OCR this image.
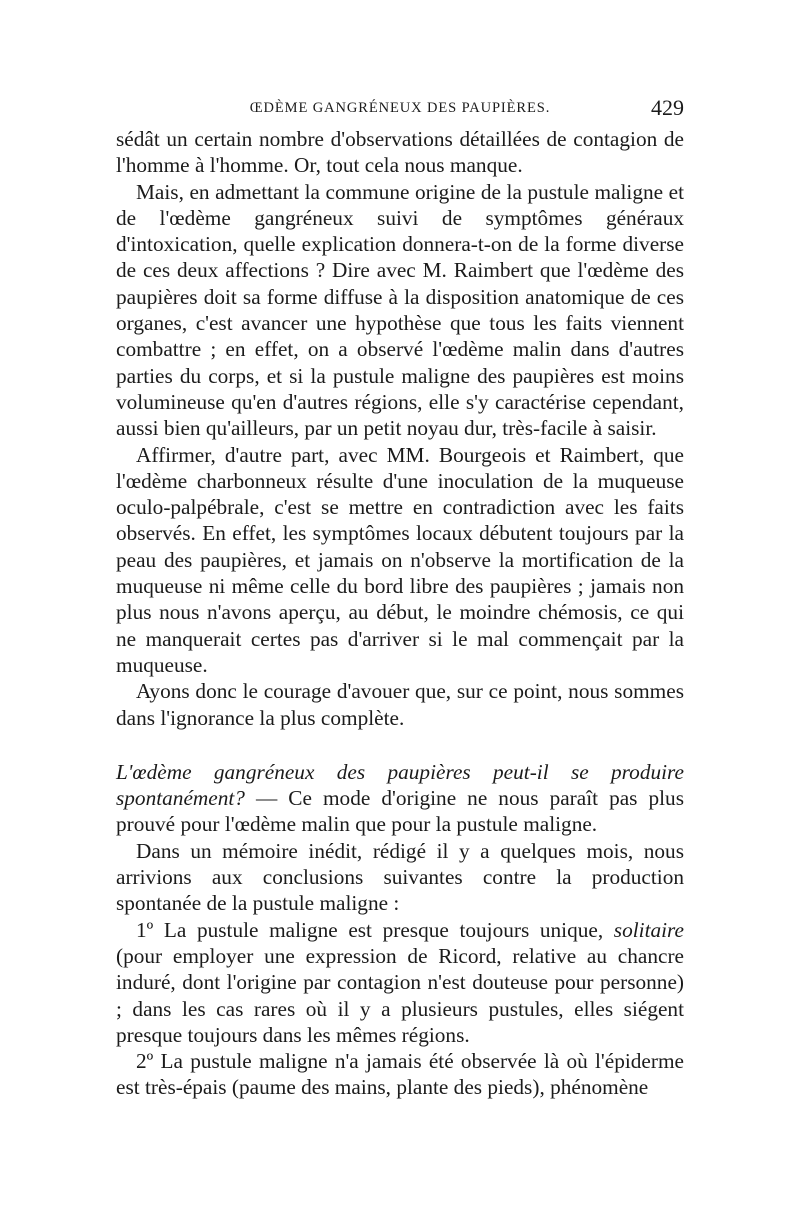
ŒDÈME GANGRÉNEUX DES PAUPIÈRES.	429

sédât un certain nombre d'observations détaillées de contagion de l'homme à l'homme. Or, tout cela nous manque.

Mais, en admettant la commune origine de la pustule maligne et de l'œdème gangréneux suivi de symptômes généraux d'intoxication, quelle explication donnera-t-on de la forme diverse de ces deux affections ? Dire avec M. Raimbert que l'œdème des paupières doit sa forme diffuse à la disposition anatomique de ces organes, c'est avancer une hypothèse que tous les faits viennent combattre ; en effet, on a observé l'œdème malin dans d'autres parties du corps, et si la pustule maligne des paupières est moins volumineuse qu'en d'autres régions, elle s'y caractérise cependant, aussi bien qu'ailleurs, par un petit noyau dur, très-facile à saisir.

Affirmer, d'autre part, avec MM. Bourgeois et Raimbert, que l'œdème charbonneux résulte d'une inoculation de la muqueuse oculo-palpébrale, c'est se mettre en contradiction avec les faits observés. En effet, les symptômes locaux débutent toujours par la peau des paupières, et jamais on n'observe la mortification de la muqueuse ni même celle du bord libre des paupières ; jamais non plus nous n'avons aperçu, au début, le moindre chémosis, ce qui ne manquerait certes pas d'arriver si le mal commençait par la muqueuse.

Ayons donc le courage d'avouer que, sur ce point, nous sommes dans l'ignorance la plus complète.

L'œdème gangréneux des paupières peut-il se produire spontanément? — Ce mode d'origine ne nous paraît pas plus prouvé pour l'œdème malin que pour la pustule maligne.

Dans un mémoire inédit, rédigé il y a quelques mois, nous arrivions aux conclusions suivantes contre la production spontanée de la pustule maligne :

1º La pustule maligne est presque toujours unique, solitaire (pour employer une expression de Ricord, relative au chancre induré, dont l'origine par contagion n'est douteuse pour personne) ; dans les cas rares où il y a plusieurs pustules, elles siégent presque toujours dans les mêmes régions.

2º La pustule maligne n'a jamais été observée là où l'épiderme est très-épais (paume des mains, plante des pieds), phénomène
